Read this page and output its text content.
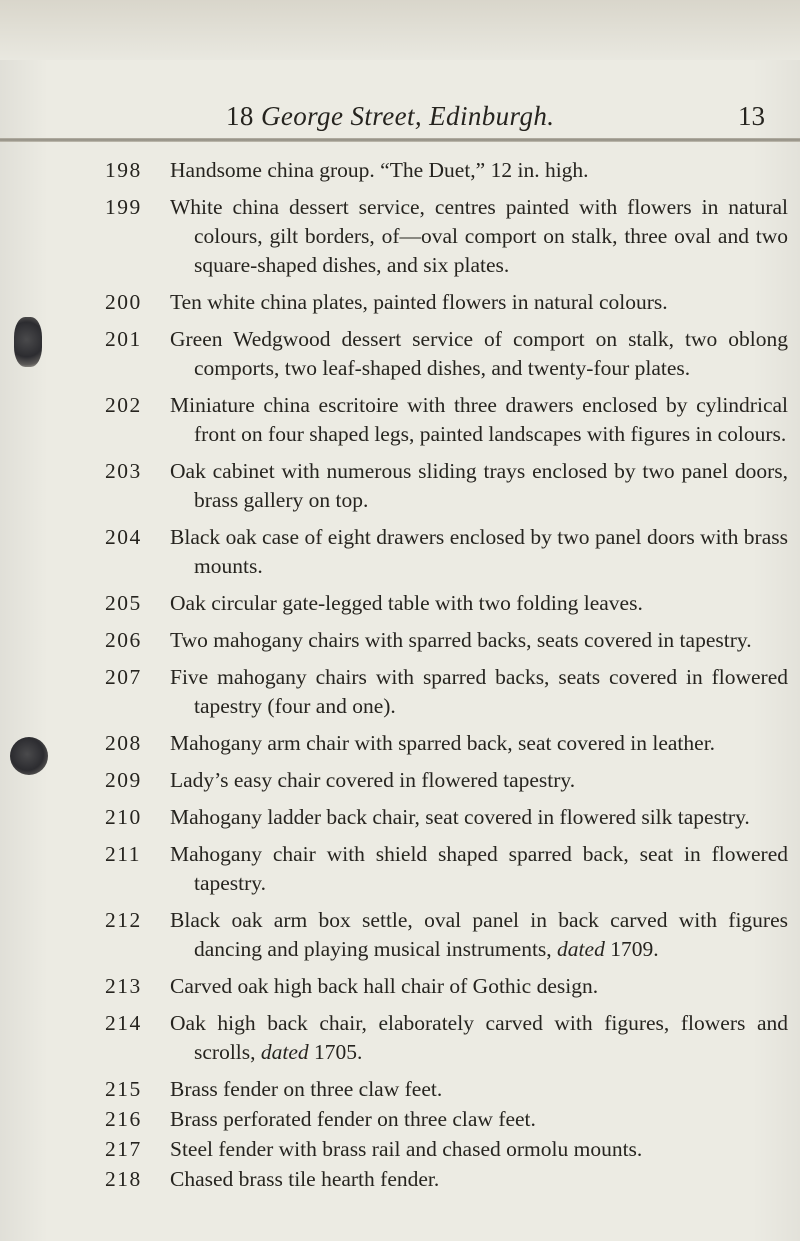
18 George Street, Edinburgh.	13
198	Handsome china group. “The Duet,” 12 in. high.
199	White china dessert service, centres painted with flowers in natural colours, gilt borders, of—oval comport on stalk, three oval and two square-shaped dishes, and six plates.
200	Ten white china plates, painted flowers in natural colours.
201	Green Wedgwood dessert service of comport on stalk, two oblong comports, two leaf-shaped dishes, and twenty-four plates.
202	Miniature china escritoire with three drawers enclosed by cylindrical front on four shaped legs, painted landscapes with figures in colours.
203	Oak cabinet with numerous sliding trays enclosed by two panel doors, brass gallery on top.
204	Black oak case of eight drawers enclosed by two panel doors with brass mounts.
205	Oak circular gate-legged table with two folding leaves.
206	Two mahogany chairs with sparred backs, seats covered in tapestry.
207	Five mahogany chairs with sparred backs, seats covered in flowered tapestry (four and one).
208	Mahogany arm chair with sparred back, seat covered in leather.
209	Lady’s easy chair covered in flowered tapestry.
210	Mahogany ladder back chair, seat covered in flowered silk tapestry.
211	Mahogany chair with shield shaped sparred back, seat in flowered tapestry.
212	Black oak arm box settle, oval panel in back carved with figures dancing and playing musical instruments, dated 1709.
213	Carved oak high back hall chair of Gothic design.
214	Oak high back chair, elaborately carved with figures, flowers and scrolls, dated 1705.
215	Brass fender on three claw feet.
216	Brass perforated fender on three claw feet.
217	Steel fender with brass rail and chased ormolu mounts.
218	Chased brass tile hearth fender.
